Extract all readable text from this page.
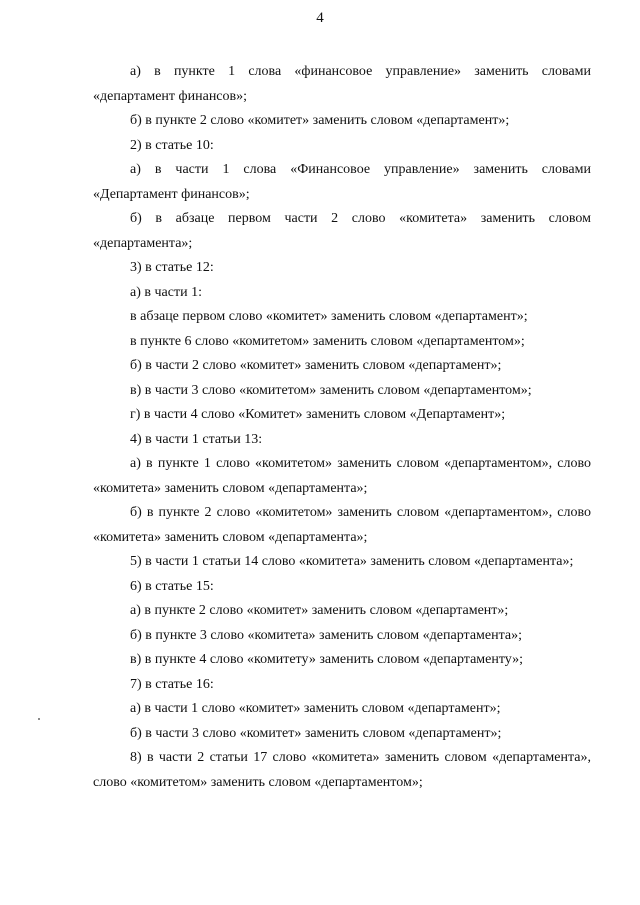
4

а) в пункте 1 слова «финансовое управление» заменить словами «департамент финансов»;

б) в пункте 2 слово «комитет» заменить словом «департамент»;

2) в статье 10:

а) в части 1 слова «Финансовое управление» заменить словами «Департамент финансов»;

б) в абзаце первом части 2 слово «комитета» заменить словом «департамента»;

3) в статье 12:

а) в части 1:

в абзаце первом слово «комитет» заменить словом «департамент»;

в пункте 6 слово «комитетом» заменить словом «департаментом»;

б) в части 2 слово «комитет» заменить словом «департамент»;

в) в части 3 слово «комитетом» заменить словом «департаментом»;

г) в части 4 слово «Комитет» заменить словом «Департамент»;

4) в части 1 статьи 13:

а) в пункте 1 слово «комитетом» заменить словом «департаментом», слово «комитета» заменить словом «департамента»;

б) в пункте 2 слово «комитетом» заменить словом «департаментом», слово «комитета» заменить словом «департамента»;

5) в части 1 статьи 14 слово «комитета» заменить словом «департамента»;

6) в статье 15:

а) в пункте 2 слово «комитет» заменить словом «департамент»;

б) в пункте 3 слово «комитета» заменить словом «департамента»;

в) в пункте 4 слово «комитету» заменить словом «департаменту»;

7) в статье 16:

а) в части 1 слово «комитет» заменить словом «департамент»;

б) в части 3 слово «комитет» заменить словом «департамент»;

8) в части 2 статьи 17 слово «комитета» заменить словом «департамента», слово «комитетом» заменить словом «департаментом»;
